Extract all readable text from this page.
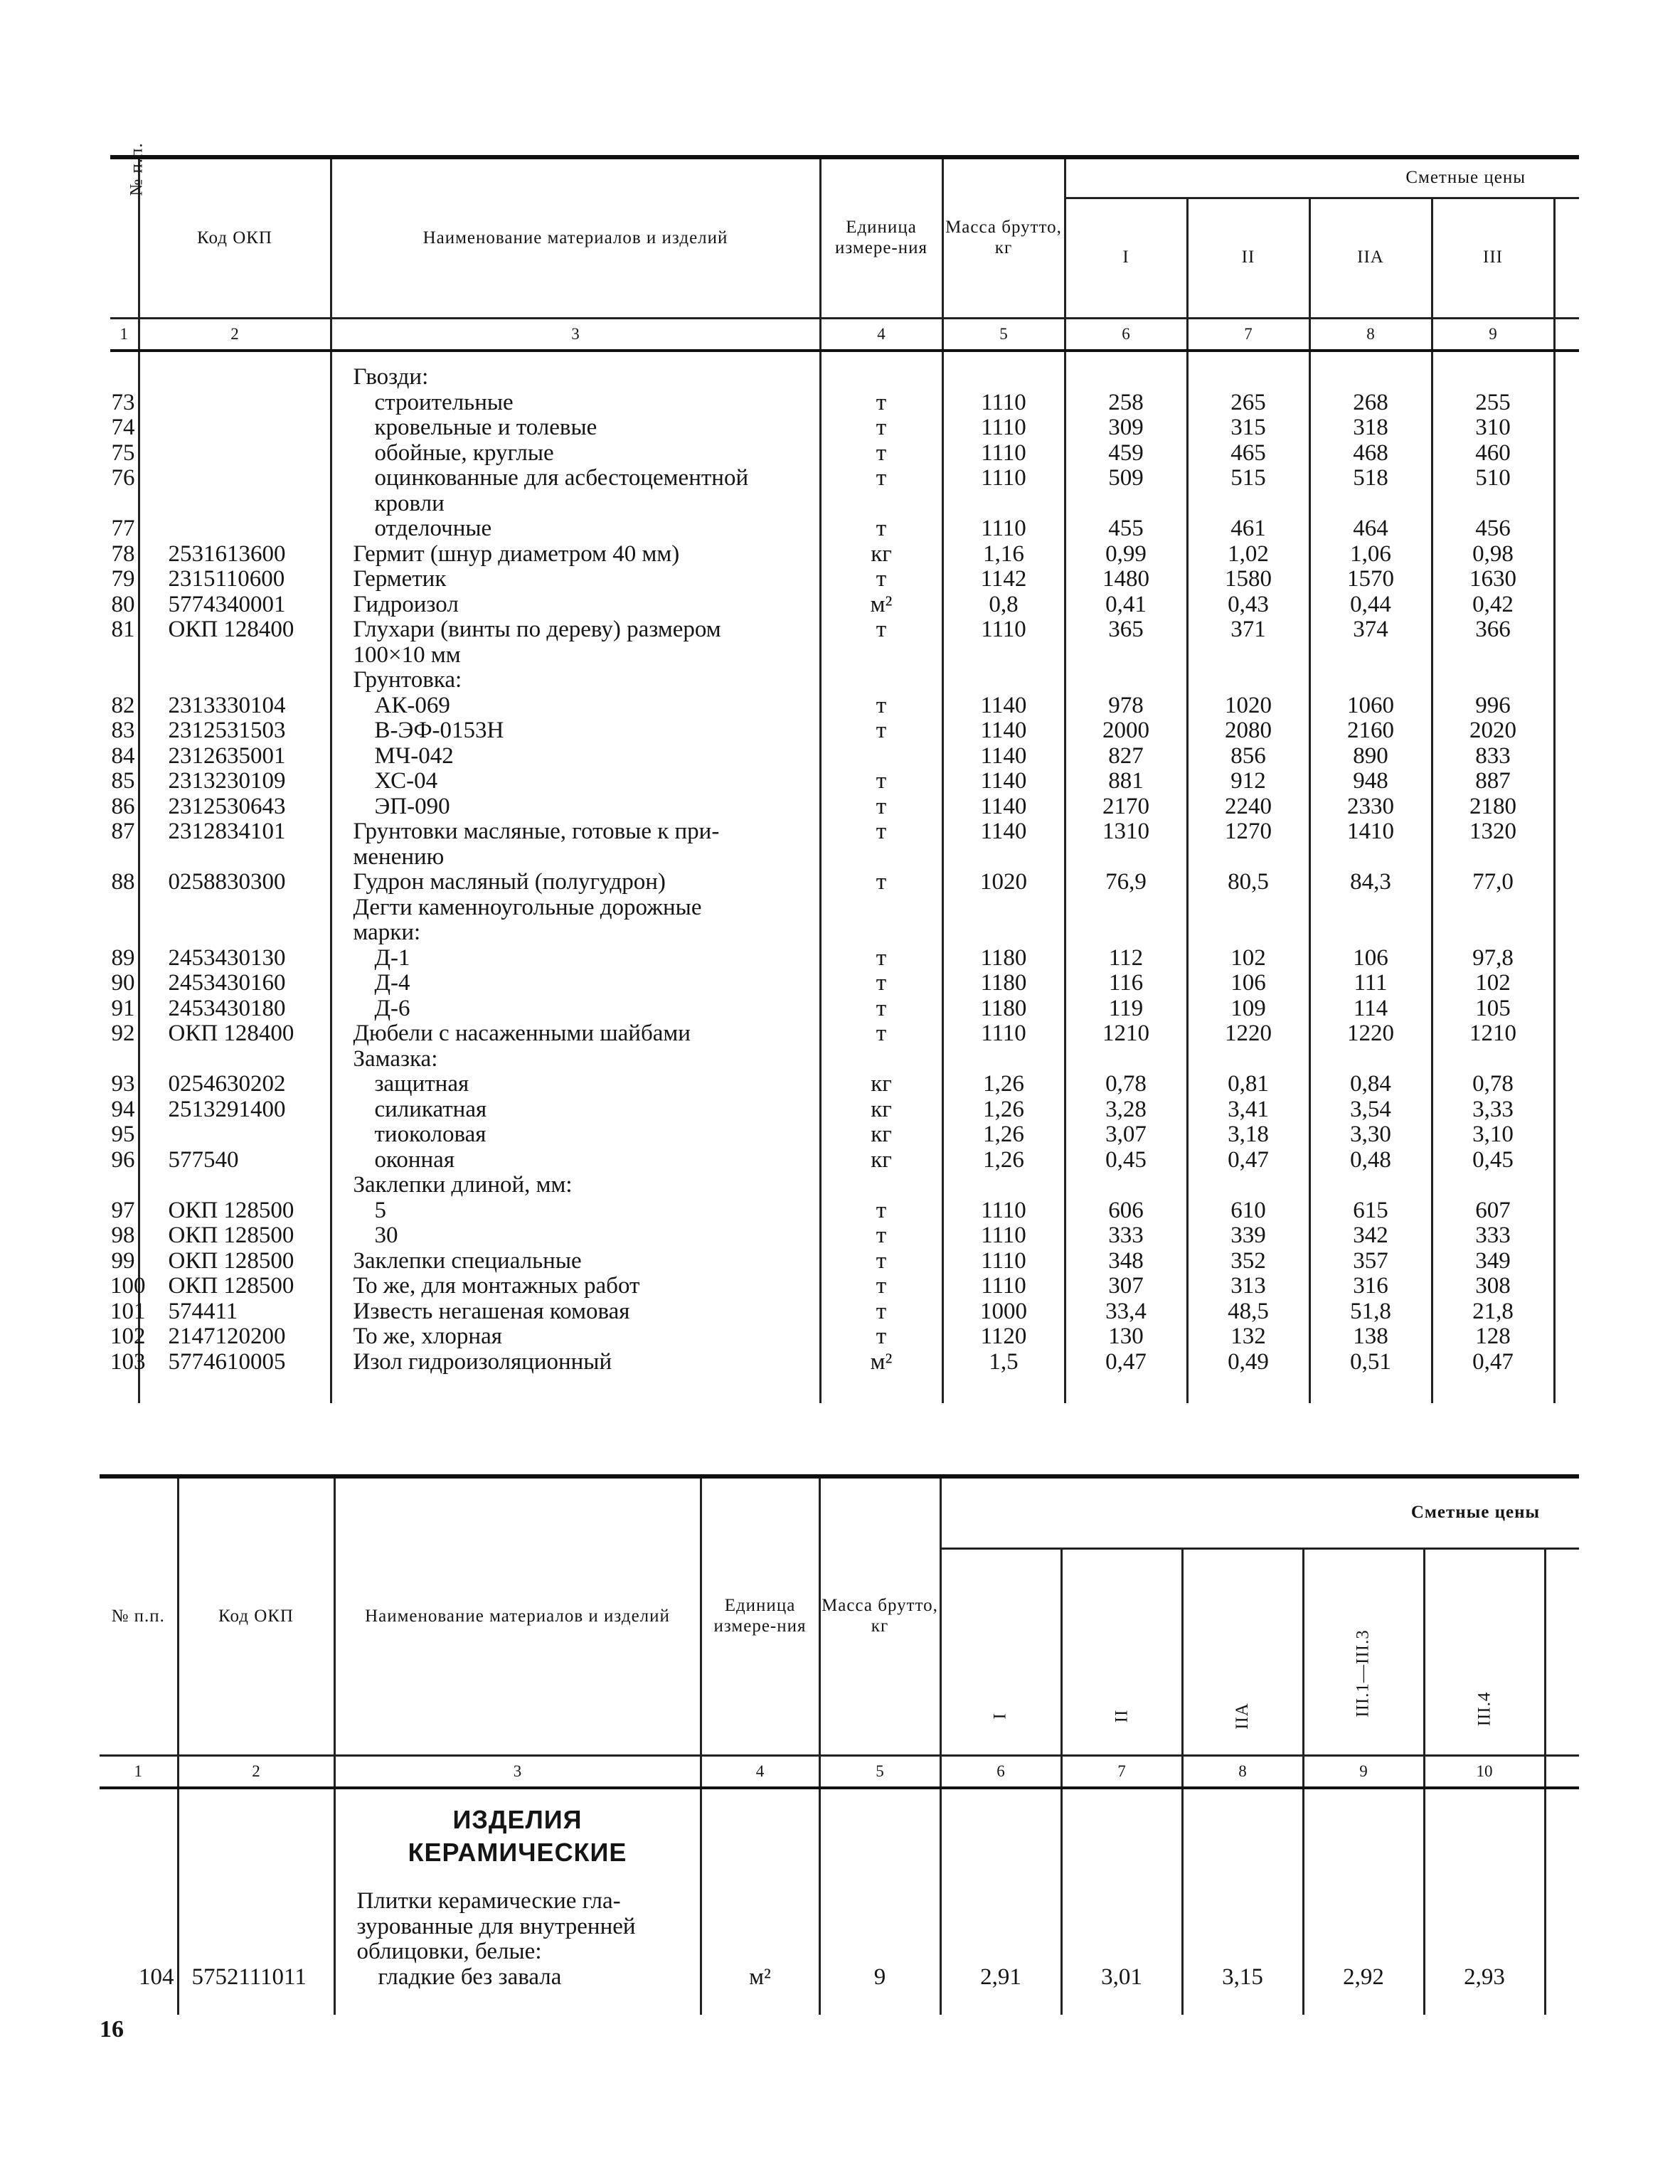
№ п.п.	Код ОКП	Наименование материалов и изделий	Единица измере-ния	Масса брутто, кг	Сметные цены				
					I	II	IIА	III	
1	2	3	4	5	6	7	8	9	
		Гвозди:							
73		строительные	т	1110	258	265	268	255	
74		кровельные и толевые	т	1110	309	315	318	310	
75		обойные, круглые	т	1110	459	465	468	460	
76		оцинкованные для асбестоцементной	т	1110	509	515	518	510	
		кровли							
77		отделочные	т	1110	455	461	464	456	
78	2531613600	Гермит (шнур диаметром 40 мм)	кг	1,16	0,99	1,02	1,06	0,98	
79	2315110600	Герметик	т	1142	1480	1580	1570	1630	
80	5774340001	Гидроизол	м²	0,8	0,41	0,43	0,44	0,42	
81	ОКП 128400	Глухари (винты по дереву) размером	т	1110	365	371	374	366	
		100×10 мм							
		Грунтовка:							
82	2313330104	АК-069	т	1140	978	1020	1060	996	
83	2312531503	В-ЭФ-0153Н	т	1140	2000	2080	2160	2020	
84	2312635001	МЧ-042		1140	827	856	890	833	
85	2313230109	ХС-04	т	1140	881	912	948	887	
86	2312530643	ЭП-090	т	1140	2170	2240	2330	2180	
87	2312834101	Грунтовки масляные, готовые к при-	т	1140	1310	1270	1410	1320	
		менению							
88	0258830300	Гудрон масляный (полугудрон)	т	1020	76,9	80,5	84,3	77,0	
		Дегти каменноугольные дорожные							
		марки:							
89	2453430130	Д-1	т	1180	112	102	106	97,8	
90	2453430160	Д-4	т	1180	116	106	111	102	
91	2453430180	Д-6	т	1180	119	109	114	105	
92	ОКП 128400	Дюбели с насаженными шайбами	т	1110	1210	1220	1220	1210	
		Замазка:							
93	0254630202	защитная	кг	1,26	0,78	0,81	0,84	0,78	
94	2513291400	силикатная	кг	1,26	3,28	3,41	3,54	3,33	
95		тиоколовая	кг	1,26	3,07	3,18	3,30	3,10	
96	577540	оконная	кг	1,26	0,45	0,47	0,48	0,45	
		Заклепки длиной, мм:							
97	ОКП 128500	5	т	1110	606	610	615	607	
98	ОКП 128500	30	т	1110	333	339	342	333	
99	ОКП 128500	Заклепки специальные	т	1110	348	352	357	349	
100	ОКП 128500	То же, для монтажных работ	т	1110	307	313	316	308	
101	574411	Известь негашеная комовая	т	1000	33,4	48,5	51,8	21,8	
102	2147120200	То же, хлорная	т	1120	130	132	138	128	
103	5774610005	Изол гидроизоляционный	м²	1,5	0,47	0,49	0,51	0,47	

№ п.п.	Код ОКП	Наименование материалов и изделий	Единица измере-ния	Масса брутто, кг	Сметные цены					
					I	II	IIА	III.1—III.3	III.4	
1	2	3	4	5	6	7	8	9	10	

		ИЗДЕЛИЯ
КЕРАМИЧЕСКИЕ								

		Плитки керамические гла-
зурованные для внутренней
облицовки, белые:								

104	5752111011	гладкие без завала	м²	9	2,91	3,01	3,15	2,92	2,93	
16
